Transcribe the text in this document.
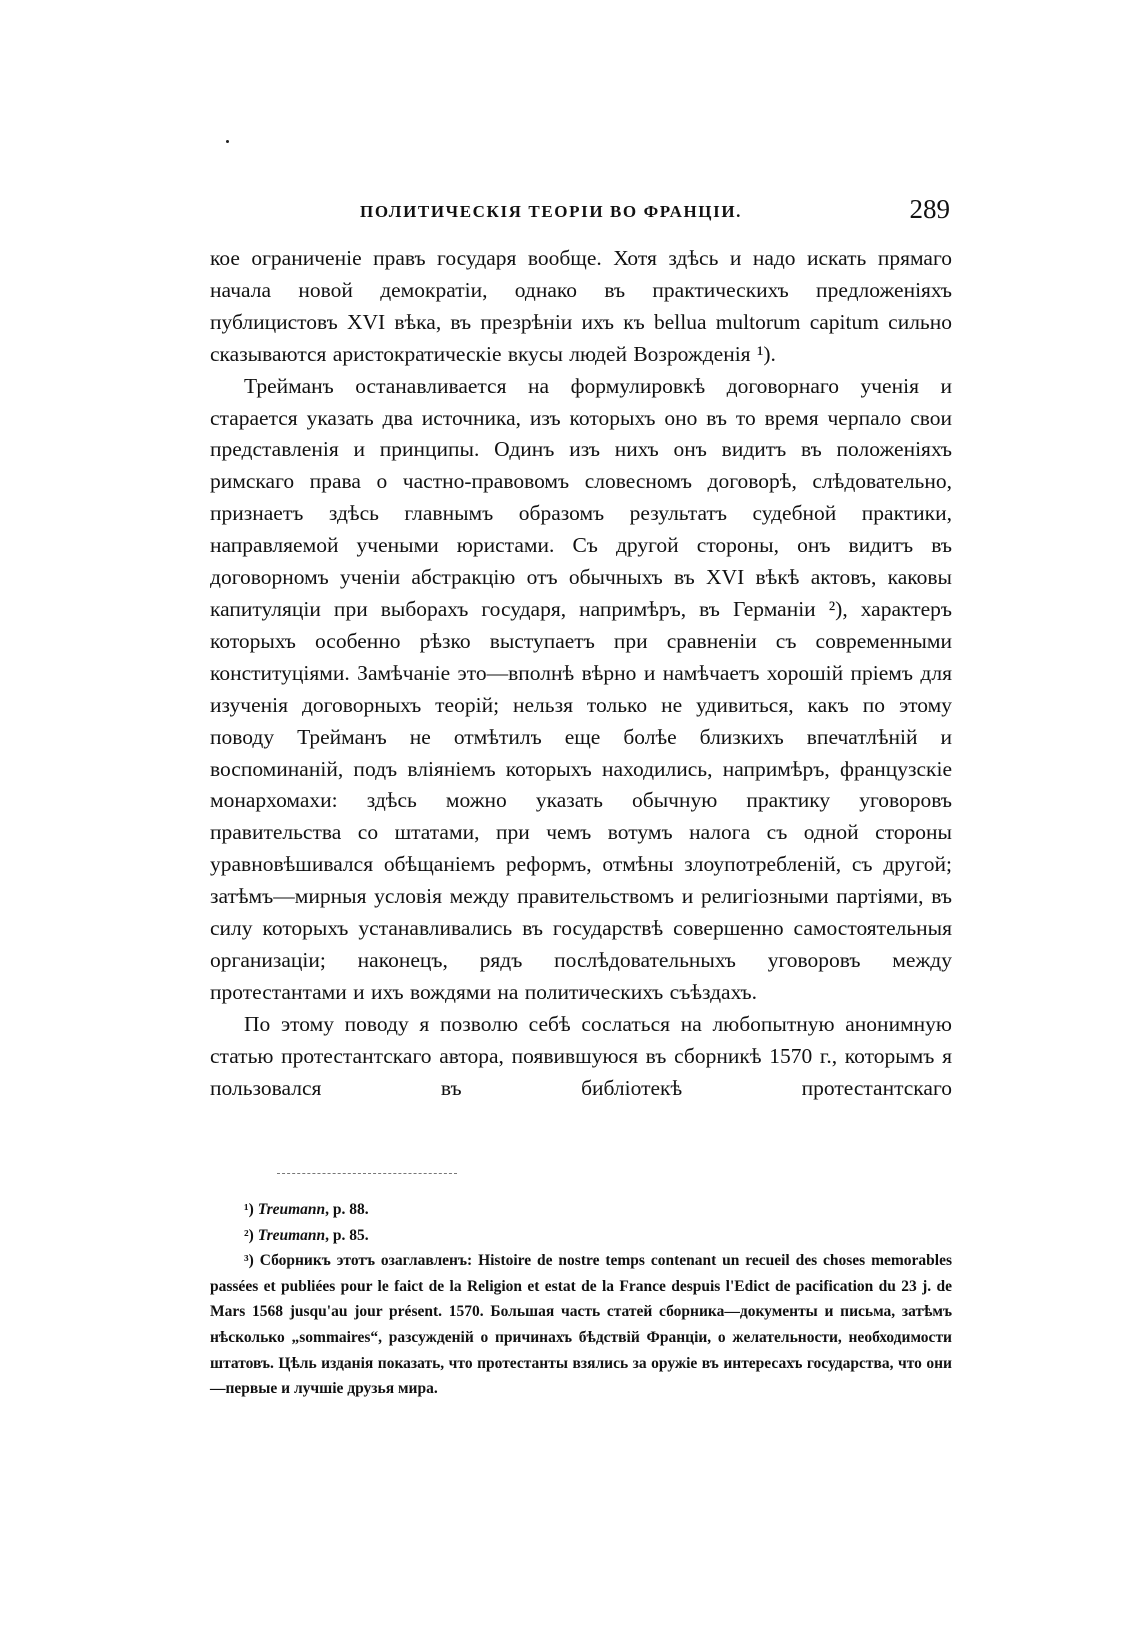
ПОЛИТИЧЕСКІЯ ТЕОРІИ ВО ФРАНЦІИ.	289

кое ограниченіе правъ государя вообще. Хотя здѣсь и надо искать прямаго начала новой демократіи, однако въ практическихъ предложеніяхъ публицистовъ XVI вѣка, въ презрѣніи ихъ къ bellua multorum capitum сильно сказываются аристократическіе вкусы людей Возрожденія ¹).

Трейманъ останавливается на формулировкѣ договорнаго ученія и старается указать два источника, изъ которыхъ оно въ то время черпало свои представленія и принципы. Одинъ изъ нихъ онъ видитъ въ положеніяхъ римскаго права о частно-правовомъ словесномъ договорѣ, слѣдовательно, признаетъ здѣсь главнымъ образомъ результатъ судебной практики, направляемой учеными юристами. Съ другой стороны, онъ видитъ въ договорномъ ученіи абстракцію отъ обычныхъ въ XVI вѣкѣ актовъ, каковы капитуляціи при выборахъ государя, напримѣръ, въ Германіи ²), характеръ которыхъ особенно рѣзко выступаетъ при сравненіи съ современными конституціями. Замѣчаніе это—вполнѣ вѣрно и намѣчаетъ хорошій пріемъ для изученія договорныхъ теорій; нельзя только не удивиться, какъ по этому поводу Трейманъ не отмѣтилъ еще болѣе близкихъ впечатлѣній и воспоминаній, подъ вліяніемъ которыхъ находились, напримѣръ, французскіе монархомахи: здѣсь можно указать обычную практику уговоровъ правительства со штатами, при чемъ вотумъ налога съ одной стороны уравновѣшивался обѣщаніемъ реформъ, отмѣны злоупотребленій, съ другой; затѣмъ—мирныя условія между правительствомъ и религіозными партіями, въ силу которыхъ устанавливались въ государствѣ совершенно самостоятельныя организаціи; наконецъ, рядъ послѣдовательныхъ уговоровъ между протестантами и ихъ вождями на политическихъ съѣздахъ.

По этому поводу я позволю себѣ сослаться на любопытную анонимную статью протестантскаго автора, появившуюся въ сборникѣ 1570 г., которымъ я пользовался въ библіотекѣ протестантскаго

¹) Treumann, p. 88.

²) Treumann, p. 85.

³) Сборникъ этотъ озаглавленъ: Histoire de nostre temps contenant un recueil des choses memorables passées et publiées pour le faict de la Religion et estat de la France despuis l'Edict de pacification du 23 j. de Mars 1568 jusqu'au jour présent. 1570. Большая часть статей сборника—документы и письма, затѣмъ нѣсколько „sommaires“, разсужденій о причинахъ бѣдствій Франціи, о желательности, необходимости штатовъ. Цѣль изданія показать, что протестанты взялись за оружіе въ интересахъ государства, что они—первые и лучшіе друзья мира.
